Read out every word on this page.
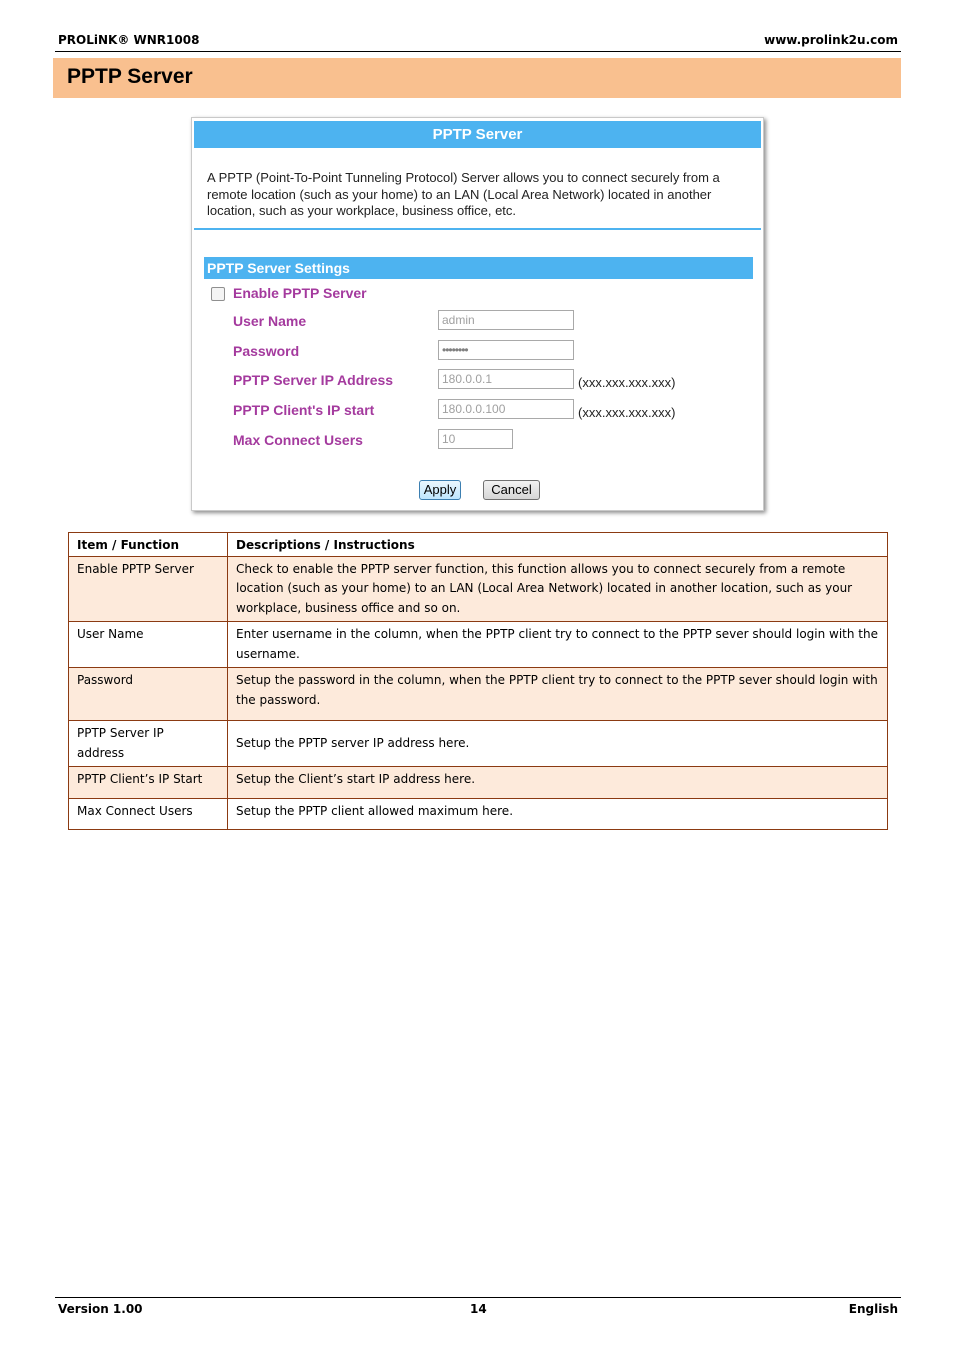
PROLiNK® WNR1008	www.prolink2u.com
PPTP Server
PPTP Server
A PPTP (Point-To-Point Tunneling Protocol) Server allows you to connect securely from a remote location (such as your home) to an LAN (Local Area Network) located in another location, such as your workplace, business office, etc.
PPTP Server Settings
Enable PPTP Server
User Name	admin
Password	••••••••
PPTP Server IP Address	180.0.0.1	(xxx.xxx.xxx.xxx)
PPTP Client's IP start	180.0.0.100	(xxx.xxx.xxx.xxx)
Max Connect Users	10
Apply	Cancel
Item / Function	Descriptions / Instructions
Enable PPTP Server	Check to enable the PPTP server function, this function allows you to connect securely from a remote location (such as your home) to an LAN (Local Area Network) located in another location, such as your workplace, business office and so on.
User Name	Enter username in the column, when the PPTP client try to connect to the PPTP sever should login with the username.
Password	Setup the password in the column, when the PPTP client try to connect to the PPTP sever should login with the password.
PPTP Server IP address	Setup the PPTP server IP address here.
PPTP Client’s IP Start	Setup the Client’s start IP address here.
Max Connect Users	Setup the PPTP client allowed maximum here.
Version 1.00	14	English
